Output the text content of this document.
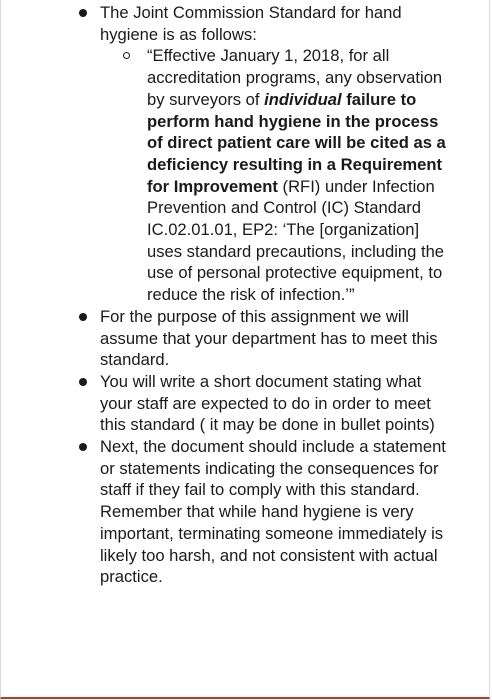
The Joint Commission Standard for hand hygiene is as follows:
“Effective January 1, 2018, for all accreditation programs, any observation by surveyors of individual failure to perform hand hygiene in the process of direct patient care will be cited as a deficiency resulting in a Requirement for Improvement (RFI) under Infection Prevention and Control (IC) Standard IC.02.01.01, EP2: ‘The [organization] uses standard precautions, including the use of personal protective equipment, to reduce the risk of infection.’”
For the purpose of this assignment we will assume that your department has to meet this standard.
You will write a short document stating what your staff are expected to do in order to meet this standard ( it may be done in bullet points)
Next, the document should include a statement or statements indicating the consequences for staff if they fail to comply with this standard. Remember that while hand hygiene is very important, terminating someone immediately is likely too harsh, and not consistent with actual practice.
